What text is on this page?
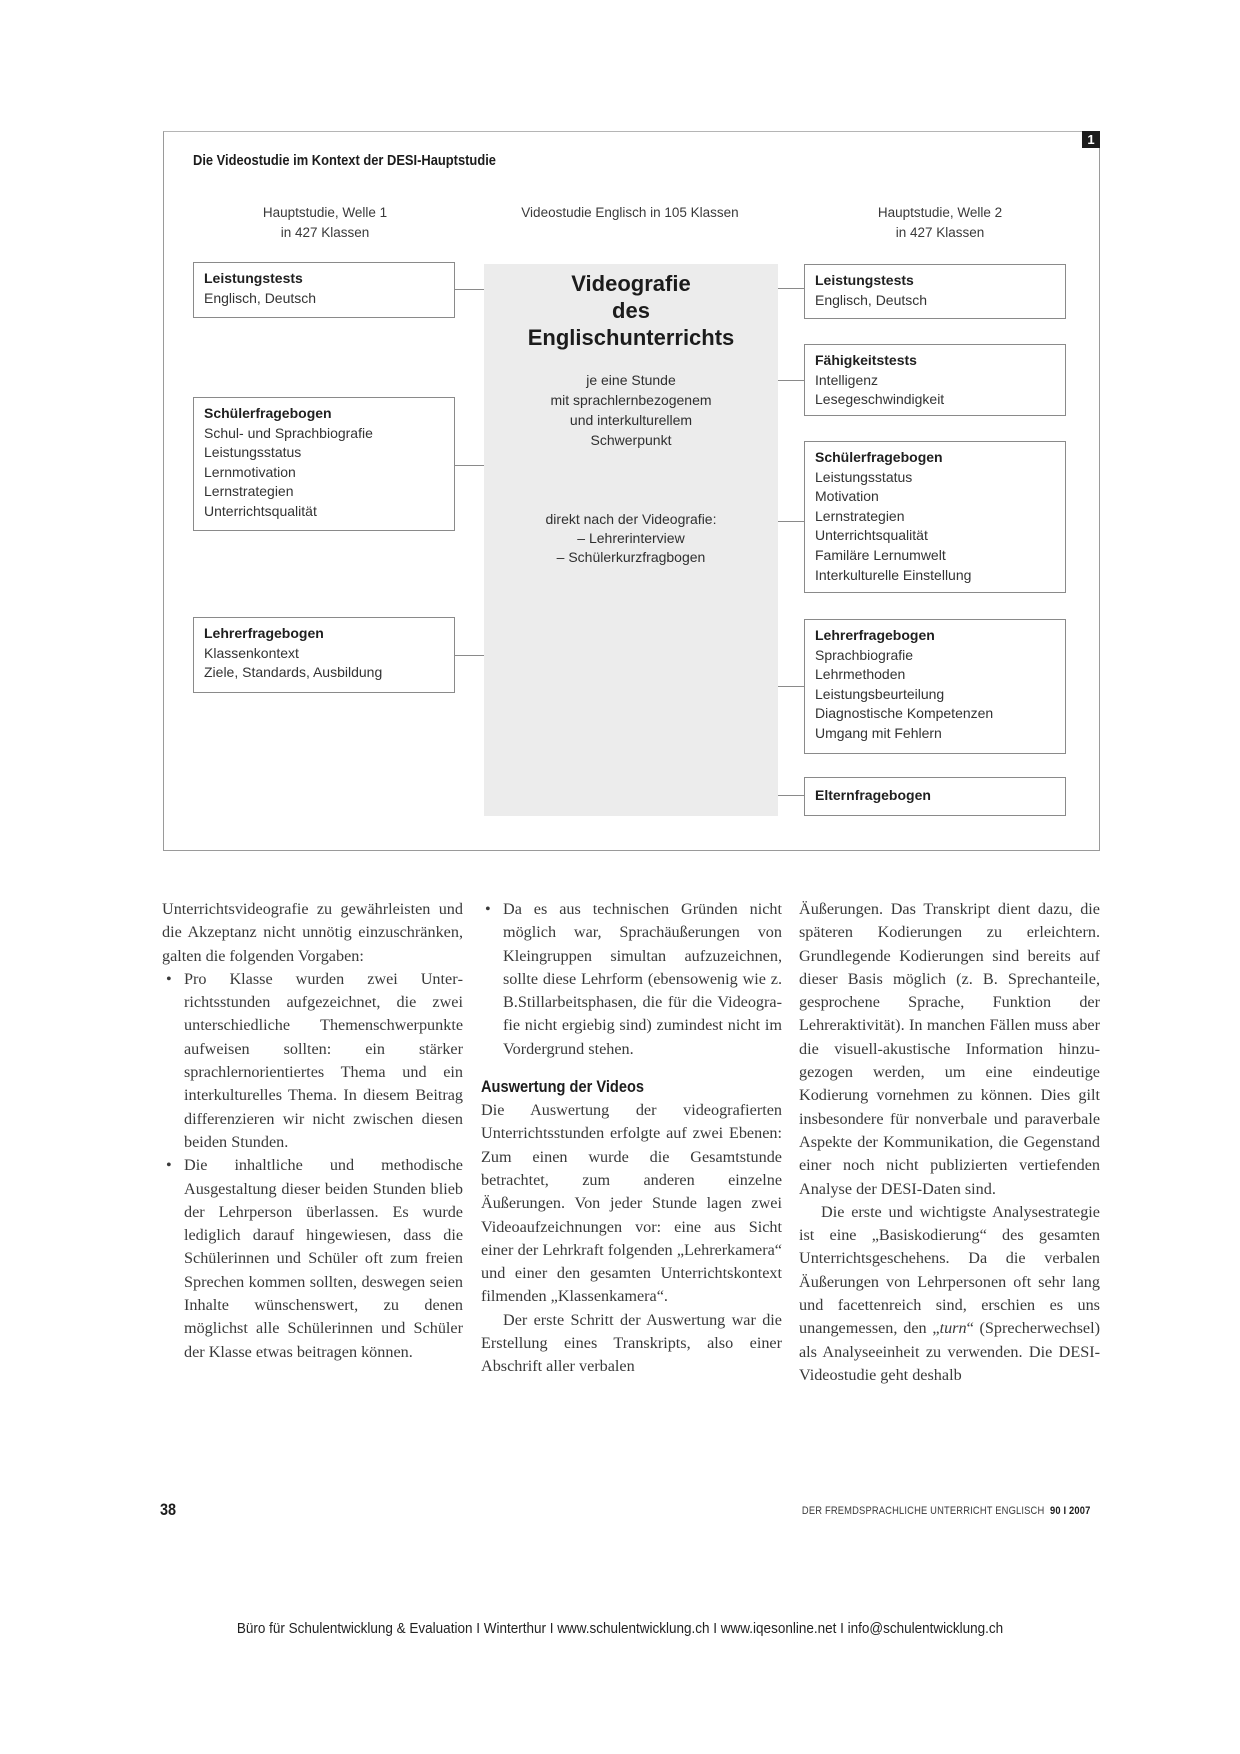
1
Die Videostudie im Kontext der DESI-Hauptstudie
Hauptstudie, Welle 1
in 427 Klassen
Videostudie Englisch in 105 Klassen	Hauptstudie, Welle 2
in 427 Klassen
Videografie
des
Englischunterrichts
je eine Stunde
mit sprachlernbezogenem
und interkulturellem
Schwerpunkt
direkt nach der Videografie:
– Lehrerinterview
– Schülerkurzfragbogen
Leistungstests
Englisch, Deutsch
Schülerfragebogen
Schul- und Sprachbiografie
Leistungsstatus
Lernmotivation
Lernstrategien
Unterrichtsqualität
Lehrerfragebogen
Klassenkontext
Ziele, Standards, Ausbildung
Leistungstests
Englisch, Deutsch
Fähigkeitstests
Intelligenz
Lesegeschwindigkeit
Schülerfragebogen
Leistungsstatus
Motivation
Lernstrategien
Unterrichtsqualität
Familäre Lernumwelt
Interkulturelle Einstellung
Lehrerfragebogen
Sprachbiografie
Lehrmethoden
Leistungsbeurteilung
Diagnostische Kompetenzen
Umgang mit Fehlern
Elternfragebogen

Unterrichtsvideografie zu gewährleisten und die Akzeptanz nicht unnötig einzuschränken, galten die folgenden Vorgaben:

• Pro Klasse wurden zwei Unterrichtsstunden aufgezeichnet, die zwei unterschiedliche Themenschwerpunkte aufweisen sollten: ein stärker sprachlernorientiertes Thema und ein interkulturelles Thema. In diesem Beitrag differenzieren wir nicht zwischen diesen beiden Stunden.
• Die inhaltliche und methodische Ausgestaltung dieser beiden Stunden blieb der Lehrperson überlassen. Es wurde lediglich darauf hingewiesen, dass die Schülerinnen und Schüler oft zum freien Sprechen kommen sollten, deswegen seien Inhalte wünschenswert, zu denen möglichst alle Schülerinnen und Schüler der Klasse etwas beitragen können.
• Da es aus technischen Gründen nicht möglich war, Sprachäußerungen von Kleingruppen simultan aufzuzeichnen, sollte diese Lehrform (ebensowenig wie z. B.Stillarbeitsphasen, die für die Videografie nicht ergiebig sind) zumindest nicht im Vordergrund stehen.
Auswertung der Videos

Die Auswertung der videografierten Unterrichtsstunden erfolgte auf zwei Ebenen: Zum einen wurde die Gesamtstunde betrachtet, zum anderen einzelne Äußerungen. Von jeder Stunde lagen zwei Videoaufzeichnungen vor: eine aus Sicht einer der Lehrkraft folgenden „Lehrerkamera“ und einer den gesamten Unterrichtskontext filmenden „Klassenkamera“.

Der erste Schritt der Auswertung war die Erstellung eines Transkripts, also einer Abschrift aller verbalen

Äußerungen. Das Transkript dient dazu, die späteren Kodierungen zu erleichtern. Grundlegende Kodierungen sind bereits auf dieser Basis möglich (z. B. Sprechanteile, gesprochene Sprache, Funktion der Lehreraktivität). In manchen Fällen muss aber die visuell-akustische Information hinzugezogen werden, um eine eindeutige Kodierung vornehmen zu können. Dies gilt insbesondere für nonverbale und paraverbale Aspekte der Kommunikation, die Gegenstand einer noch nicht publizierten vertiefenden Analyse der DESI-Daten sind.

Die erste und wichtigste Analysestrategie ist eine „Basiskodierung“ des gesamten Unterrichtsgeschehens. Da die verbalen Äußerungen von Lehrpersonen oft sehr lang und facettenreich sind, erschien es uns unangemessen, den „turn“ (Sprecherwechsel) als Analyseeinheit zu verwenden. Die DESI-Videostudie geht deshalb

38	DER FREMDSPRACHLICHE UNTERRICHT ENGLISCH 90 I 2007
Büro für Schulentwicklung & Evaluation I Winterthur I www.schulentwicklung.ch I www.iqesonline.net I info@schulentwicklung.ch
